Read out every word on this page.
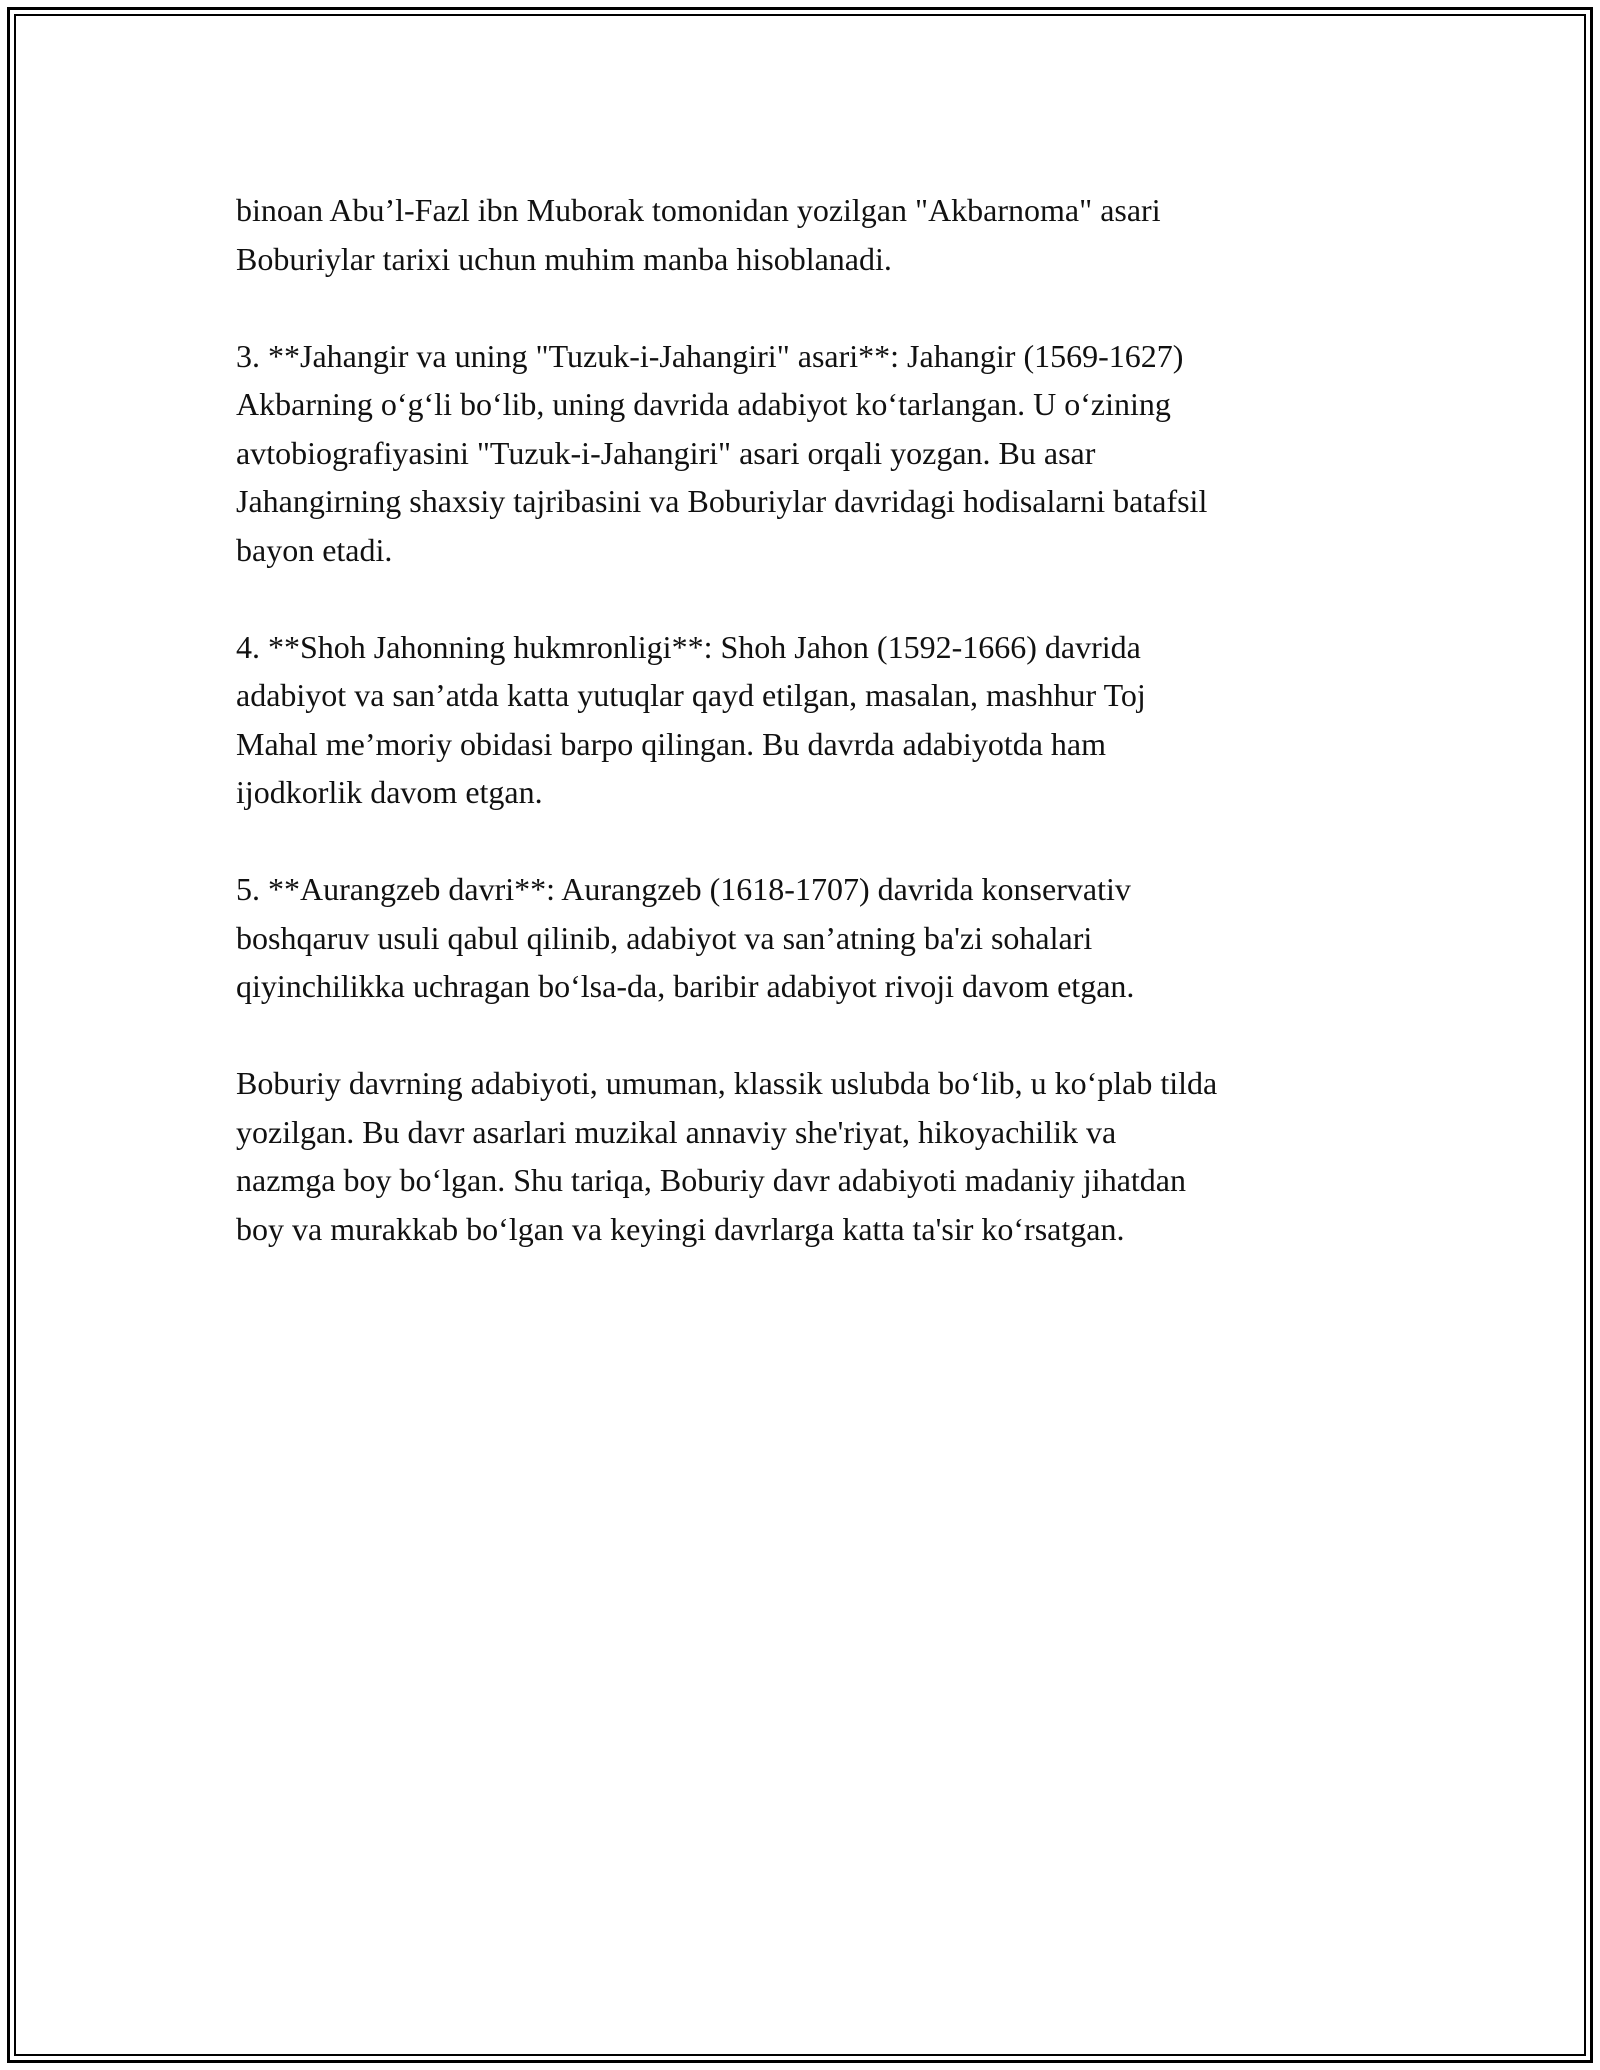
binoan Abu’l-Fazl ibn Muborak tomonidan yozilgan "Akbarnoma" asari
Boburiylar tarixi uchun muhim manba hisoblanadi.

3. **Jahangir va uning "Tuzuk-i-Jahangiri" asari**: Jahangir (1569-1627)
Akbarning o‘g‘li bo‘lib, uning davrida adabiyot ko‘tarlangan. U o‘zining
avtobiografiyasini "Tuzuk-i-Jahangiri" asari orqali yozgan. Bu asar
Jahangirning shaxsiy tajribasini va Boburiylar davridagi hodisalarni batafsil
bayon etadi.

4. **Shoh Jahonning hukmronligi**: Shoh Jahon (1592-1666) davrida
adabiyot va san’atda katta yutuqlar qayd etilgan, masalan, mashhur Toj
Mahal me’moriy obidasi barpo qilingan. Bu davrda adabiyotda ham
ijodkorlik davom etgan.

5. **Aurangzeb davri**: Aurangzeb (1618-1707) davrida konservativ
boshqaruv usuli qabul qilinib, adabiyot va san’atning ba'zi sohalari
qiyinchilikka uchragan bo‘lsa-da, baribir adabiyot rivoji davom etgan.

Boburiy davrning adabiyoti, umuman, klassik uslubda bo‘lib, u ko‘plab tilda
yozilgan. Bu davr asarlari muzikal annaviy she'riyat, hikoyachilik va
nazmga boy bo‘lgan. Shu tariqa, Boburiy davr adabiyoti madaniy jihatdan
boy va murakkab bo‘lgan va keyingi davrlarga katta ta'sir ko‘rsatgan.
